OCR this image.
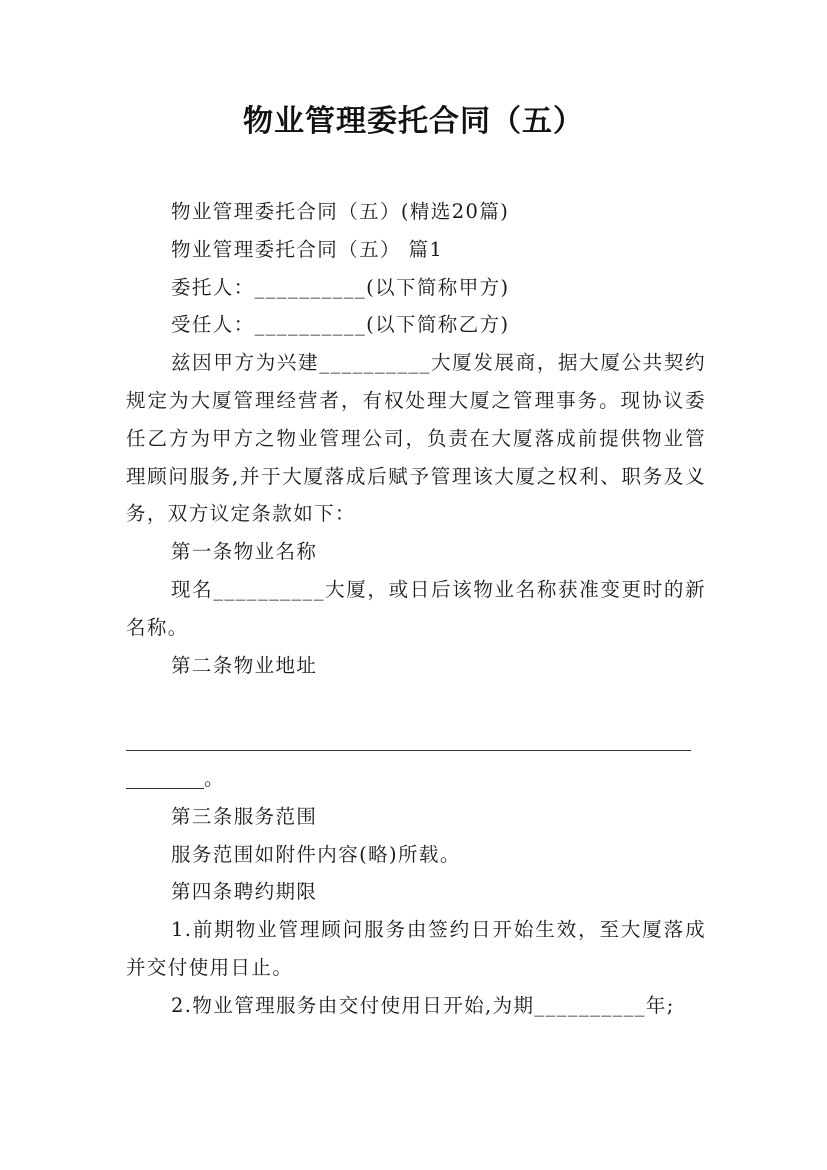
物业管理委托合同（五）

物业管理委托合同（五）(精选20篇)

物业管理委托合同（五） 篇1

委托人：__________(以下简称甲方)

受任人：__________(以下简称乙方)

兹因甲方为兴建__________大厦发展商，据大厦公共契约规定为大厦管理经营者，有权处理大厦之管理事务。现协议委任乙方为甲方之物业管理公司，负责在大厦落成前提供物业管理顾问服务,并于大厦落成后赋予管理该大厦之权利、职务及义务，双方议定条款如下：

第一条物业名称

现名__________大厦，或日后该物业名称获准变更时的新名称。

第二条物业地址

。

第三条服务范围

服务范围如附件内容(略)所载。

第四条聘约期限

1.前期物业管理顾问服务由签约日开始生效，至大厦落成并交付使用日止。

2.物业管理服务由交付使用日开始,为期__________年;
